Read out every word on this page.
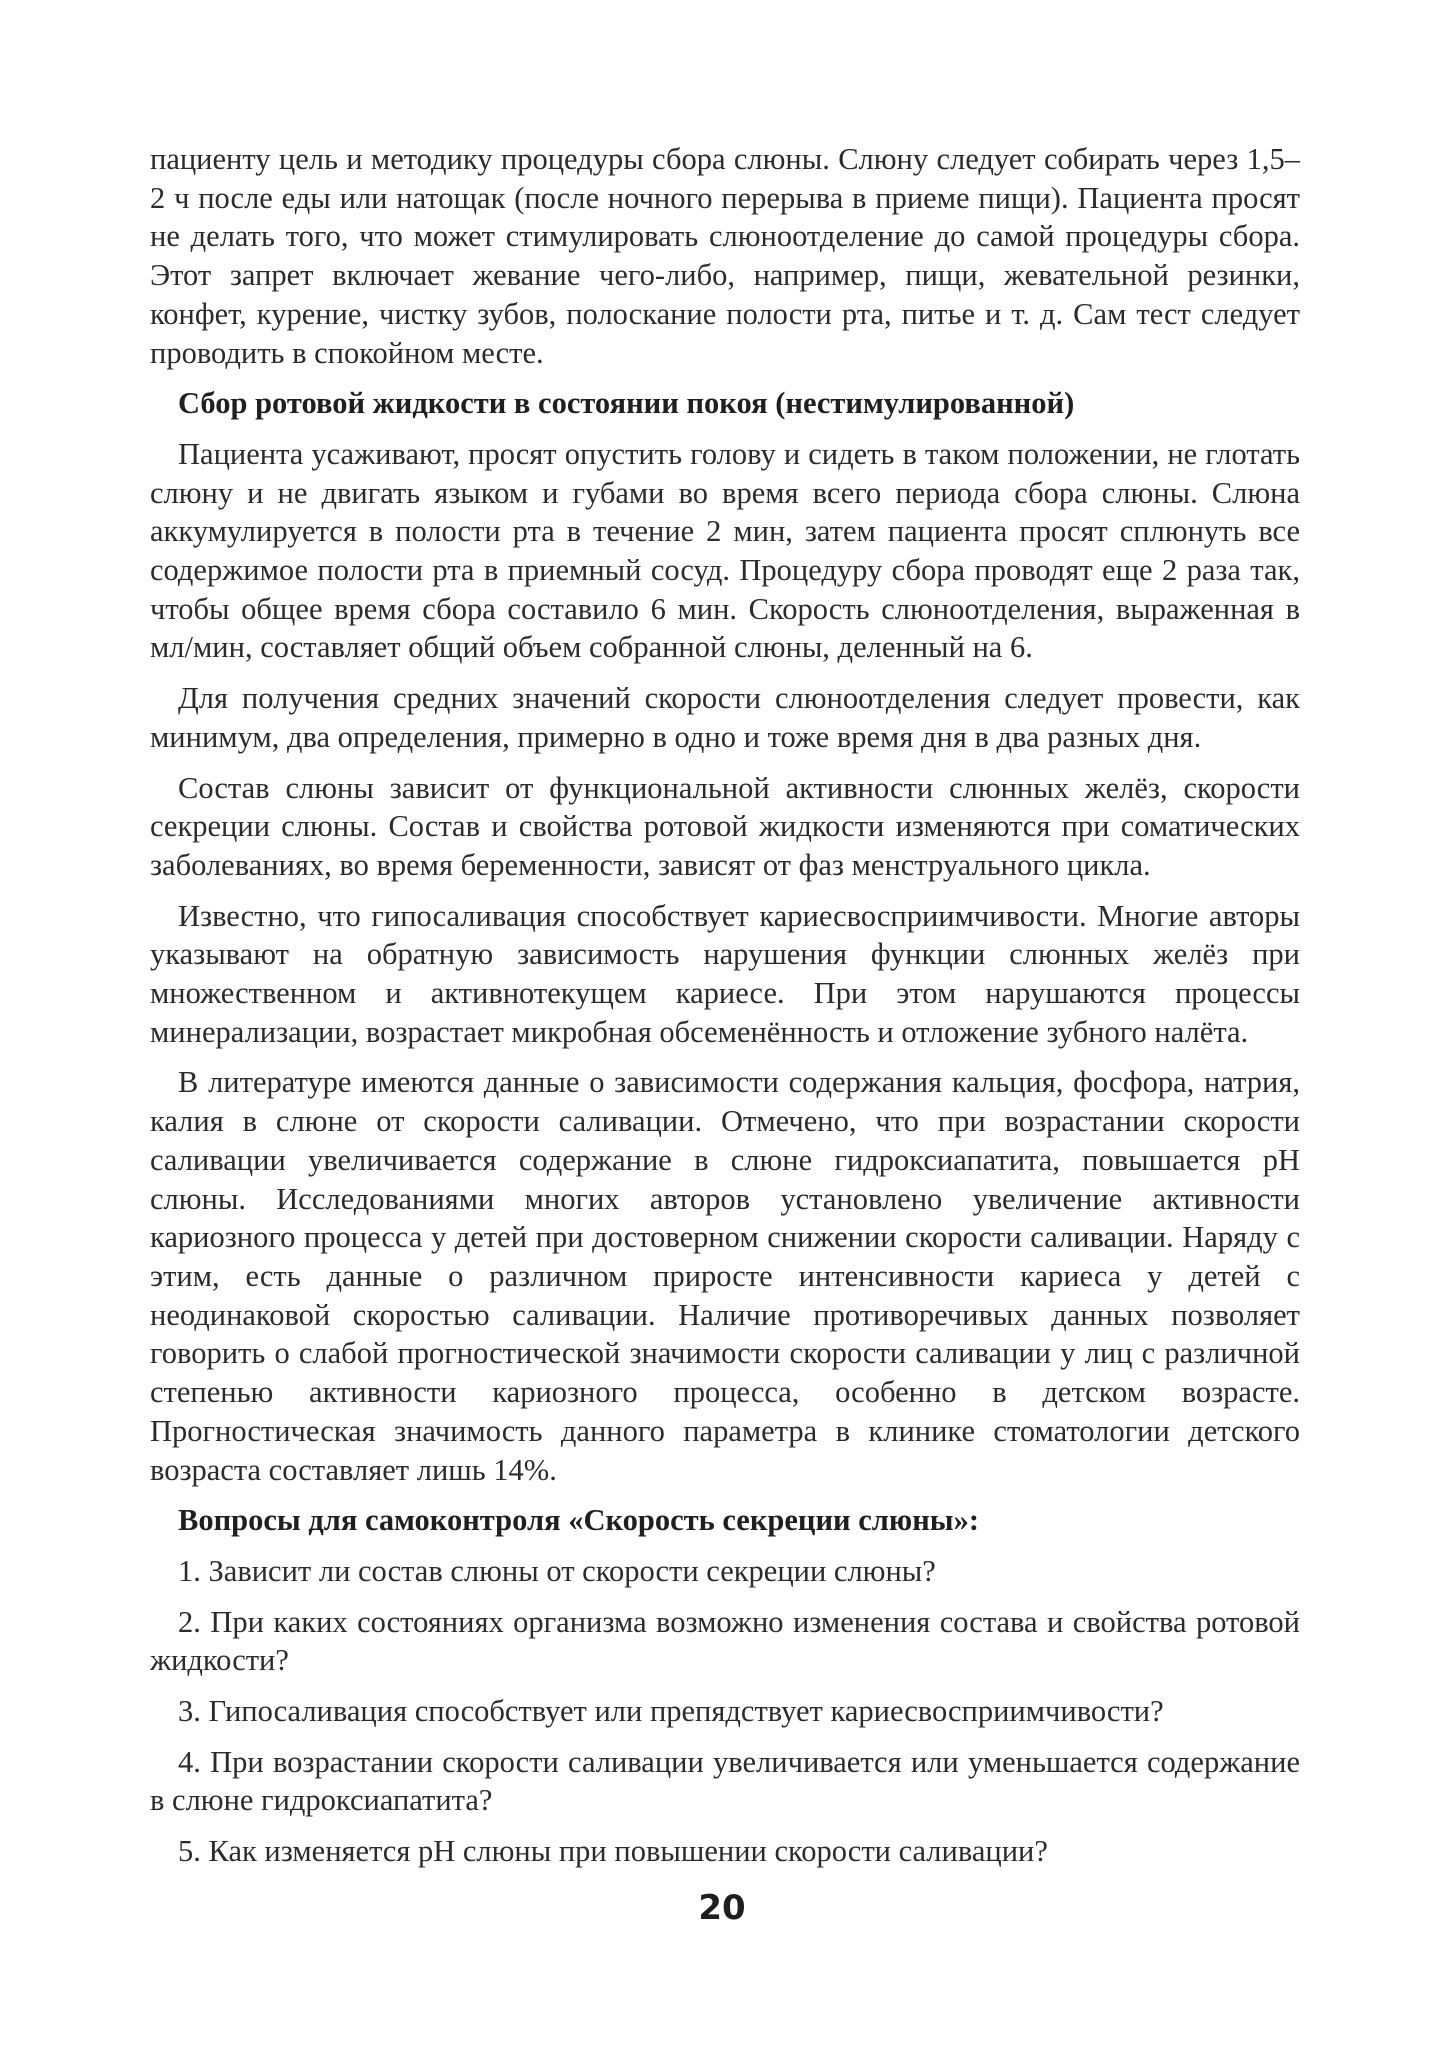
пациенту цель и методику процедуры сбора слюны. Слюну следует собирать через 1,5–2 ч после еды или натощак (после ночного перерыва в приеме пищи). Пациента просят не делать того, что может стимулировать слюноотделение до самой процедуры сбора. Этот запрет включает жевание чего-либо, например, пищи, жевательной резинки, конфет, курение, чистку зубов, полоскание полости рта, питье и т. д. Сам тест следует проводить в спокойном месте.

Сбор ротовой жидкости в состоянии покоя (нестимулированной)

Пациента усаживают, просят опустить голову и сидеть в таком положении, не глотать слюну и не двигать языком и губами во время всего периода сбора слюны. Слюна аккумулируется в полости рта в течение 2 мин, затем пациента просят сплюнуть все содержимое полости рта в приемный сосуд. Процедуру сбора проводят еще 2 раза так, чтобы общее время сбора составило 6 мин. Скорость слюноотделения, выраженная в мл/мин, составляет общий объем собранной слюны, деленный на 6.

Для получения средних значений скорости слюноотделения следует провести, как минимум, два определения, примерно в одно и тоже время дня в два разных дня.

Состав слюны зависит от функциональной активности слюнных желёз, скорости секреции слюны. Состав и свойства ротовой жидкости изменяются при соматических заболеваниях, во время беременности, зависят от фаз менструального цикла.

Известно, что гипосаливация способствует кариесвосприимчивости. Многие авторы указывают на обратную зависимость нарушения функции слюнных желёз при множественном и активнотекущем кариесе. При этом нарушаются процессы минерализации, возрастает микробная обсеменённость и отложение зубного налёта.

В литературе имеются данные о зависимости содержания кальция, фосфора, натрия, калия в слюне от скорости саливации. Отмечено, что при возрастании скорости саливации увеличивается содержание в слюне гидроксиапатита, повышается pH слюны. Исследованиями многих авторов установлено увеличение активности кариозного процесса у детей при достоверном снижении скорости саливации. Наряду с этим, есть данные о различном приросте интенсивности кариеса у детей с неодинаковой скоростью саливации. Наличие противоречивых данных позволяет говорить о слабой прогностической значимости скорости саливации у лиц с различной степенью активности кариозного процесса, особенно в детском возрасте. Прогностическая значимость данного параметра в клинике стоматологии детского возраста составляет лишь 14%.

Вопросы для самоконтроля «Скорость секреции слюны»:

1. Зависит ли состав слюны от скорости секреции слюны?

2. При каких состояниях организма возможно изменения состава и свойства ротовой жидкости?

3. Гипосаливация способствует или препядствует кариесвосприимчивости?

4. При возрастании скорости саливации увеличивается или уменьшается содержание в слюне гидроксиапатита?

5. Как изменяется pH слюны при повышении скорости саливации?

20
